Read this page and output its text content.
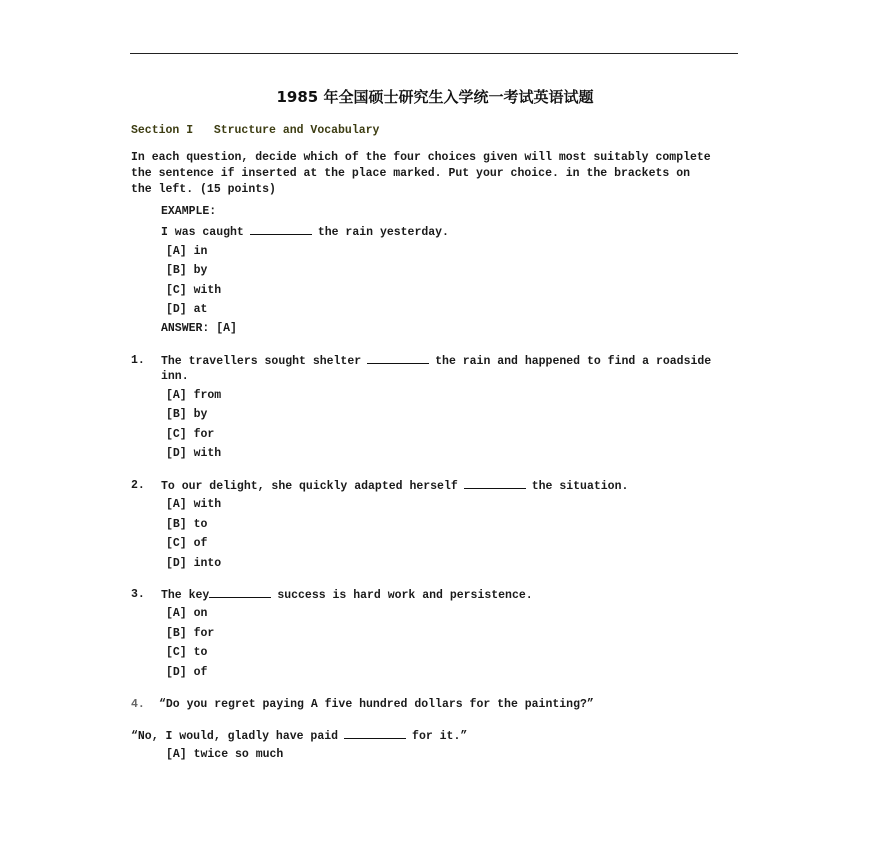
1985 年全国硕士研究生入学统一考试英语试题
Section I   Structure and Vocabulary
In each question, decide which of the four choices given will most suitably complete
the sentence if inserted at the place marked. Put your choice. in the brackets on
the left. (15 points)
EXAMPLE:
I was caught	the rain yesterday.
[A] in
[B] by
[C] with
[D] at
ANSWER: [A]
1. The travellers sought shelter	the rain and happened to find a roadside
inn.
[A] from
[B] by
[C] for
[D] with
2. To our delight, she quickly adapted herself	the situation.
[A] with
[B] to
[C] of
[D] into
3. The key	success is hard work and persistence.
[A] on
[B] for
[C] to
[D] of
4. “Do you regret paying A five hundred dollars for the painting?”
“No, I would, gladly have paid	for it.”
[A] twice so much
